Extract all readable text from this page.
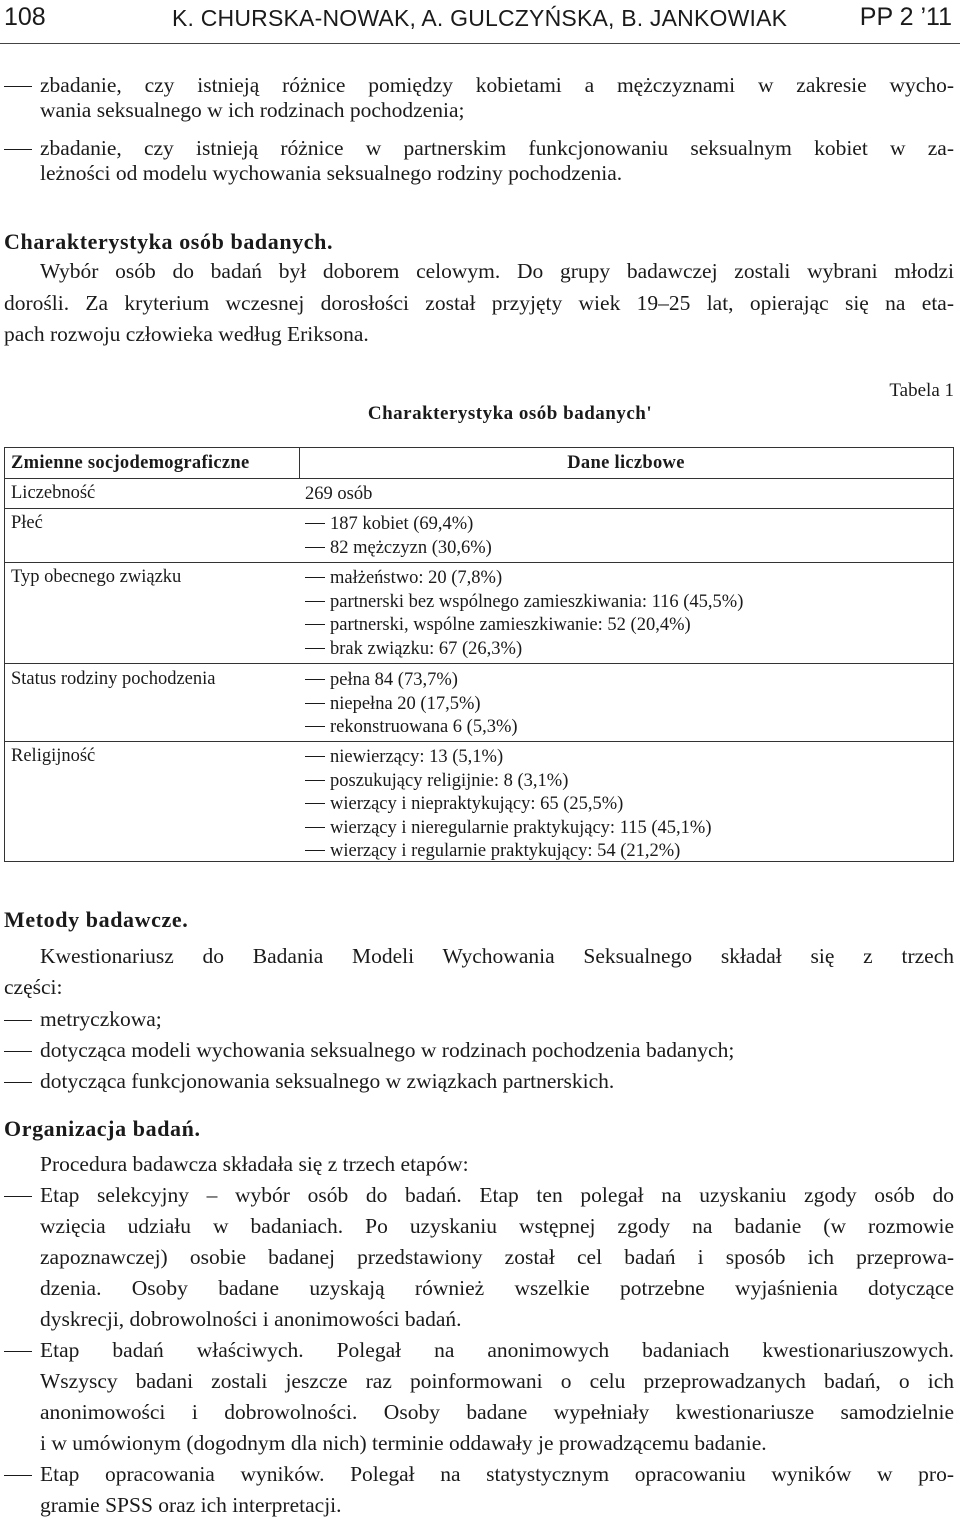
108	K. CHURSKA-NOWAK, A. GULCZYŃSKA, B. JANKOWIAK	PP 2 ’11
zbadanie, czy istnieją różnice pomiędzy kobietami a mężczyznami w zakresie wycho-
wania seksualnego w ich rodzinach pochodzenia;
zbadanie, czy istnieją różnice w partnerskim funkcjonowaniu seksualnym kobiet w za-
leżności od modelu wychowania seksualnego rodziny pochodzenia.
Charakterystyka osób badanych.
Wybór osób do badań był doborem celowym. Do grupy badawczej zostali wybrani młodzi
dorośli. Za kryterium wczesnej dorosłości został przyjęty wiek 19–25 lat, opierając się na eta-
pach rozwoju człowieka według Eriksona.
Tabela 1
Charakterystyka osób badanych'
Zmienne socjodemograficzne	Dane liczbowe
Liczebność	269 osób
Płeć	187 kobiet (69,4%)
82 mężczyzn (30,6%)
Typ obecnego związku	małżeństwo: 20 (7,8%)
partnerski bez wspólnego zamieszkiwania: 116 (45,5%)
partnerski, wspólne zamieszkiwanie: 52 (20,4%)
brak związku: 67 (26,3%)
Status rodziny pochodzenia	pełna 84 (73,7%)
niepełna 20 (17,5%)
rekonstruowana 6 (5,3%)
Religijność	niewierzący: 13 (5,1%)
poszukujący religijnie: 8 (3,1%)
wierzący i niepraktykujący: 65 (25,5%)
wierzący i nieregularnie praktykujący: 115 (45,1%)
wierzący i regularnie praktykujący: 54 (21,2%)
Metody badawcze.
Kwestionariusz do Badania Modeli Wychowania Seksualnego składał się z trzech
części:
metryczkowa;
dotycząca modeli wychowania seksualnego w rodzinach pochodzenia badanych;
dotycząca funkcjonowania seksualnego w związkach partnerskich.
Organizacja badań.
Procedura badawcza składała się z trzech etapów:
Etap selekcyjny – wybór osób do badań. Etap ten polegał na uzyskaniu zgody osób do
wzięcia udziału w badaniach. Po uzyskaniu wstępnej zgody na badanie (w rozmowie
zapoznawczej) osobie badanej przedstawiony został cel badań i sposób ich przeprowa-
dzenia. Osoby badane uzyskają również wszelkie potrzebne wyjaśnienia dotyczące
dyskrecji, dobrowolności i anonimowości badań.
Etap badań właściwych. Polegał na anonimowych badaniach kwestionariuszowych.
Wszyscy badani zostali jeszcze raz poinformowani o celu przeprowadzanych badań, o ich
anonimowości i dobrowolności. Osoby badane wypełniały kwestionariusze samodzielnie
i w umówionym (dogodnym dla nich) terminie oddawały je prowadzącemu badanie.
Etap opracowania wyników. Polegał na statystycznym opracowaniu wyników w pro-
gramie SPSS oraz ich interpretacji.
